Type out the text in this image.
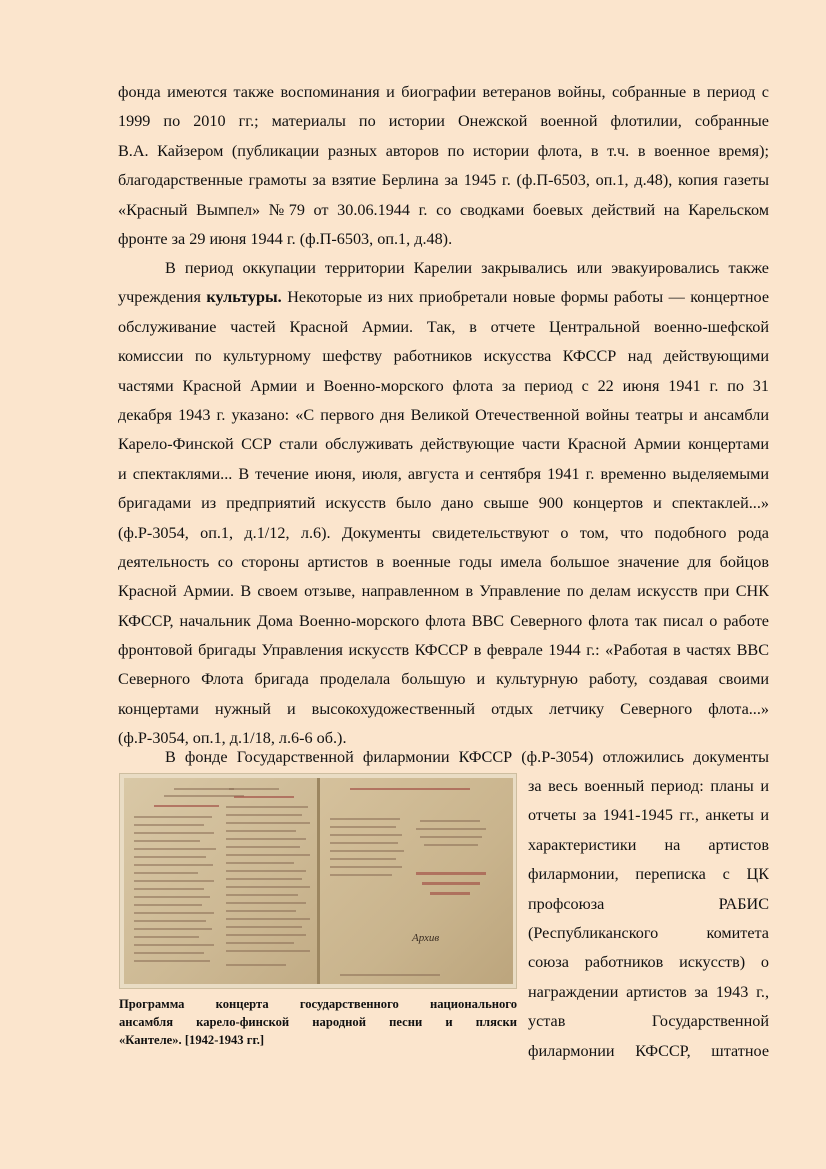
фонда имеются также воспоминания и биографии ветеранов войны, собранные в период с
1999 по 2010 гг.; материалы по истории Онежской военной флотилии, собранные
В.А. Кайзером (публикации разных авторов по истории флота, в т.ч. в военное время);
благодарственные грамоты за взятие Берлина за 1945 г. (ф.П-6503, оп.1, д.48), копия газеты
«Красный Вымпел» №79 от 30.06.1944 г. со сводками боевых действий на Карельском
фронте за 29 июня 1944 г. (ф.П-6503, оп.1, д.48).
В период оккупации территории Карелии закрывались или эвакуировались также
учреждения культуры. Некоторые из них приобретали новые формы работы — концертное
обслуживание частей Красной Армии. Так, в отчете Центральной военно-шефской
комиссии по культурному шефству работников искусства КФССР над действующими
частями Красной Армии и Военно-морского флота за период с 22 июня 1941 г. по 31
декабря 1943 г. указано: «С первого дня Великой Отечественной войны театры и ансамбли
Карело-Финской ССР стали обслуживать действующие части Красной Армии концертами
и спектаклями... В течение июня, июля, августа и сентября 1941 г. временно выделяемыми
бригадами из предприятий искусств было дано свыше 900 концертов и спектаклей...»
(ф.Р-3054, оп.1, д.1/12, л.6). Документы свидетельствуют о том, что подобного рода
деятельность со стороны артистов в военные годы имела большое значение для бойцов
Красной Армии. В своем отзыве, направленном в Управление по делам искусств при СНК
КФССР, начальник Дома Военно-морского флота ВВС Северного флота так писал о работе
фронтовой бригады Управления искусств КФССР в феврале 1944 г.: «Работая в частях ВВС
Северного Флота бригада проделала большую и культурную работу, создавая своими
концертами нужный и высокохудожественный отдых летчику Северного флота...»
(ф.Р-3054, оп.1, д.1/18, л.6-6 об.).
В фонде Государственной филармонии КФССР (ф.Р-3054) отложились документы
за весь военный период: планы и
отчеты за 1941-1945 гг., анкеты и
характеристики на артистов
филармонии, переписка с ЦК
профсоюза РАБИС
(Республиканского комитета
союза работников искусств) о
награждении артистов за 1943 г.,
устав Государственной
филармонии КФССР, штатное
Архив
Программа концерта государственного национального
ансамбля карело-финской народной песни и пляски
«Кантеле». [1942-1943 гг.]
